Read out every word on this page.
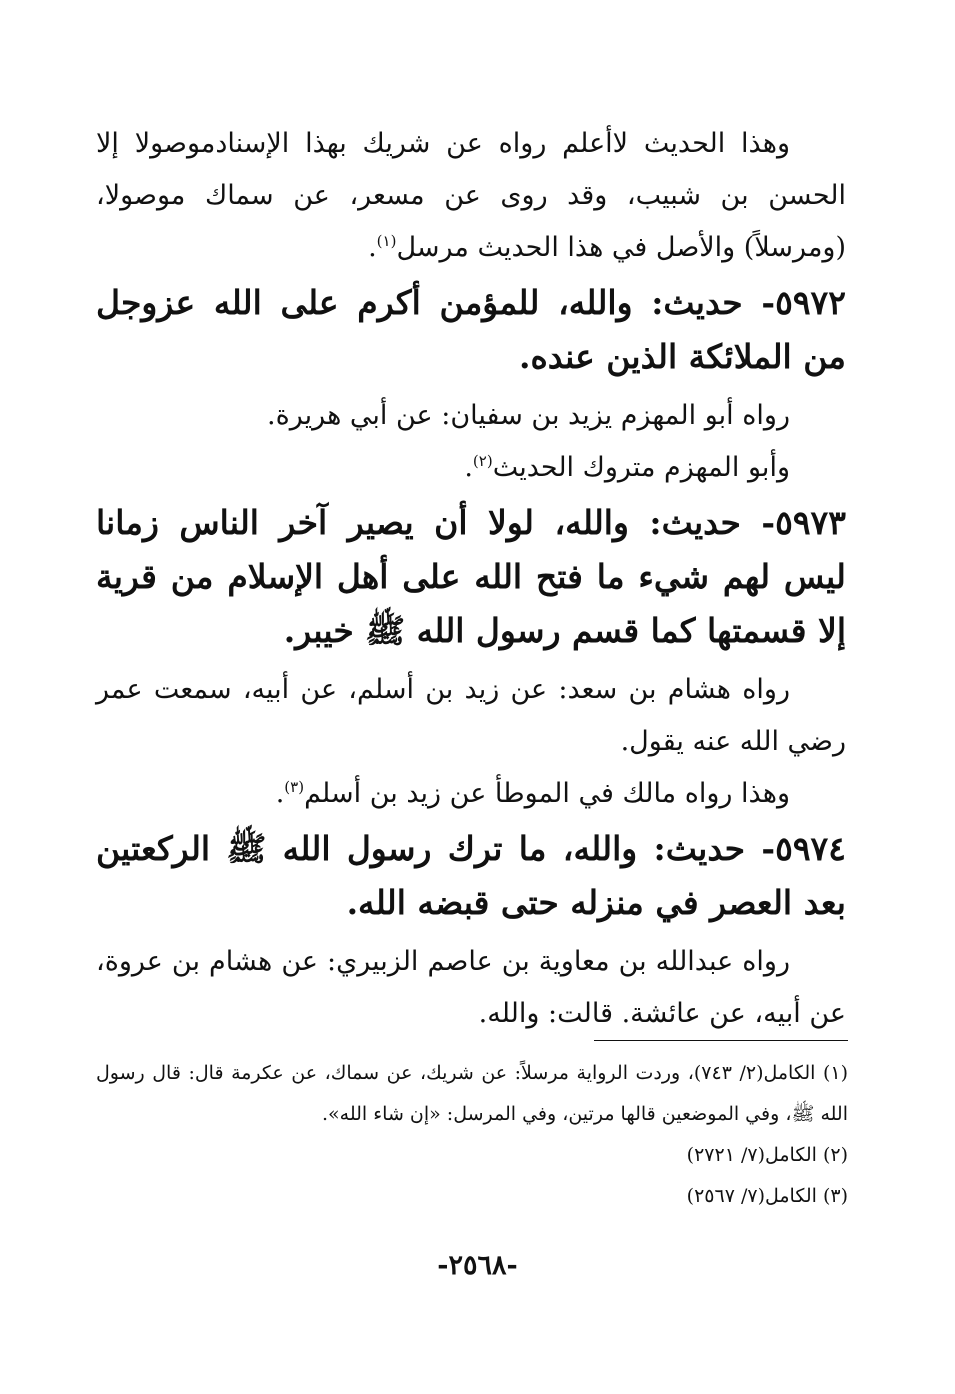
وهذا الحديث لاأعلم رواه عن شريك بهذا الإسنادموصولا إلا الحسن بن شبيب، وقد روى عن مسعر، عن سماك موصولا، (ومرسلاً) والأصل في هذا الحديث مرسل$^{(١)}$.

٥٩٧٢- حديث: والله، للمؤمن أكرم على الله عزوجل من الملائكة الذين عنده.

رواه أبو المهزم يزيد بن سفيان: عن أبي هريرة.

وأبو المهزم متروك الحديث$^{(٢)}$.

٥٩٧٣- حديث: والله، لولا أن يصير آخر الناس زمانا ليس لهم شيء ما فتح الله على أهل الإسلام من قرية إلا قسمتها كما قسم رسول الله ﷺ خيبر.

رواه هشام بن سعد: عن زيد بن أسلم، عن أبيه، سمعت عمر رضي الله عنه يقول.

وهذا رواه مالك في الموطأ عن زيد بن أسلم$^{(٣)}$.

٥٩٧٤- حديث: والله، ما ترك رسول الله ﷺ الركعتين بعد العصر في منزله حتى قبضه الله.

رواه عبدالله بن معاوية بن عاصم الزبيري: عن هشام بن عروة، عن أبيه، عن عائشة. قالت: والله.

(١) الكامل(٢/ ٧٤٣)، وردت الرواية مرسلاً: عن شريك، عن سماك، عن عكرمة قال: قال رسول الله ﷺ، وفي الموضعين قالها مرتين، وفي المرسل: «إن شاء الله».

(٢) الكامل(٧/ ٢٧٢١)

(٣) الكامل(٧/ ٢٥٦٧)

-٢٥٦٨-
